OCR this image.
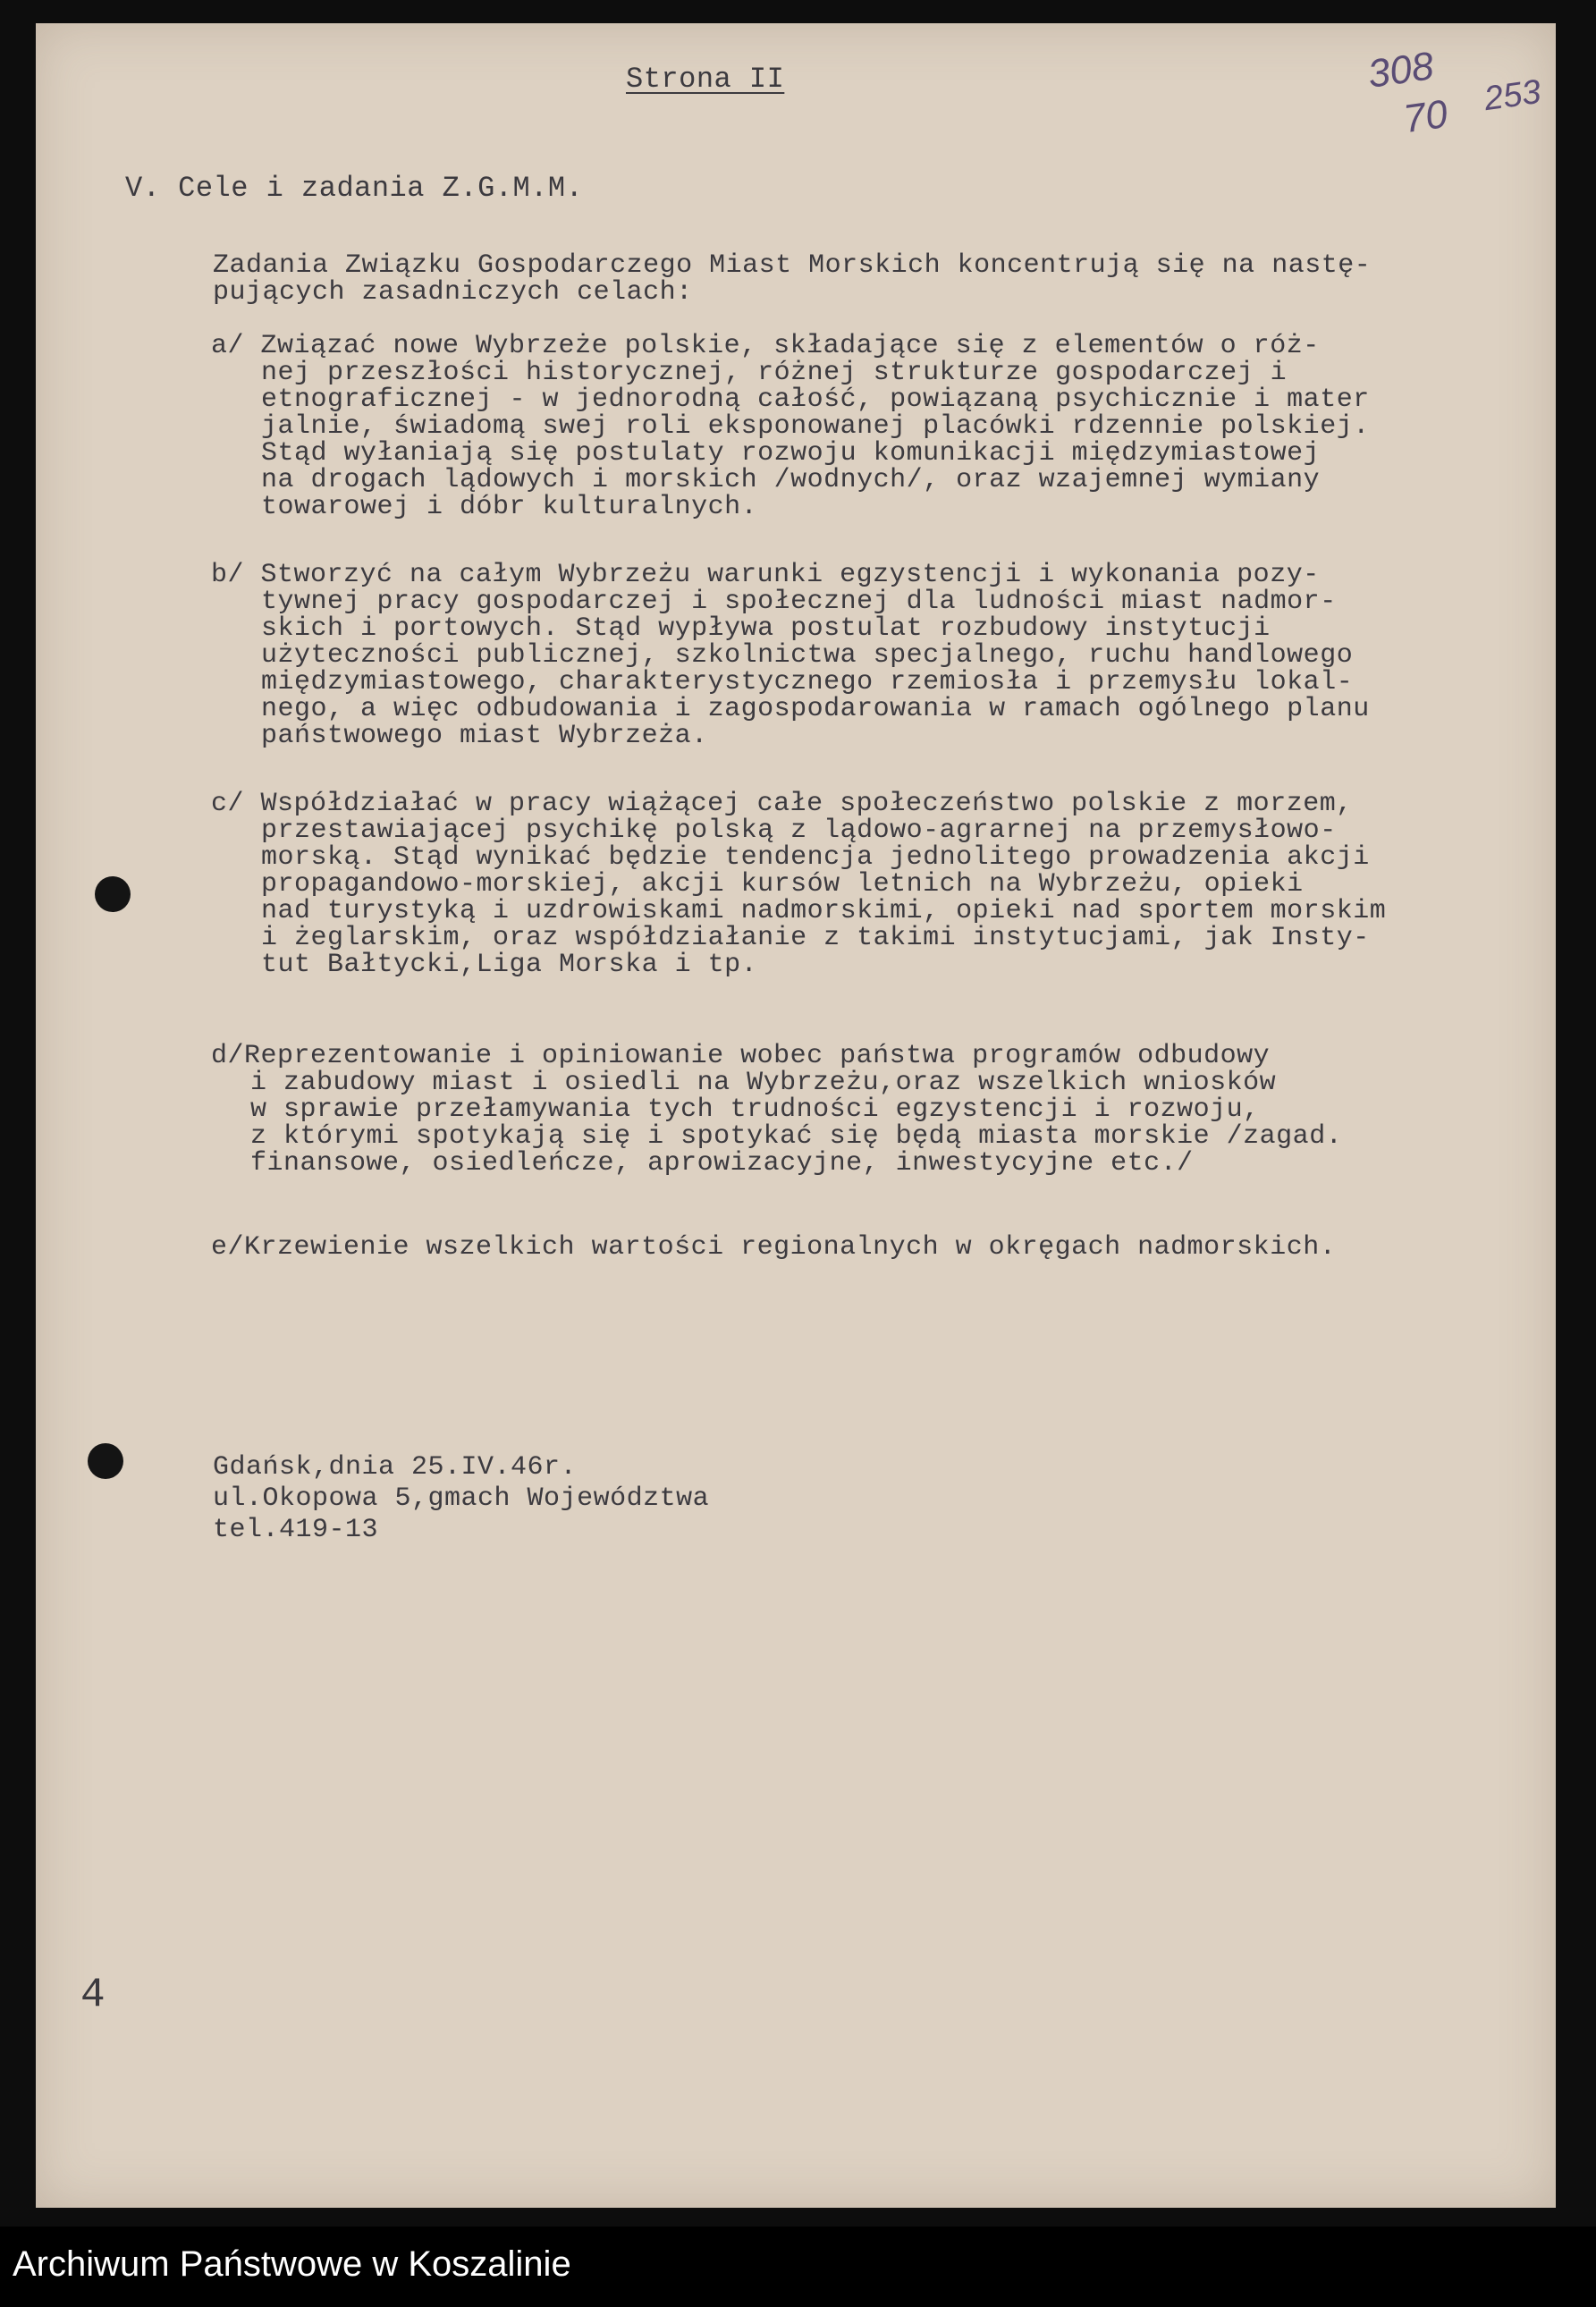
Strona II	308
70 253
V. Cele i zadania Z.G.M.M.
Zadania Związku Gospodarczego Miast Morskich koncentrują się na nastę-
pujących zasadniczych celach:
a/ Związać nowe Wybrzeże polskie, składające się z elementów o róż-
nej przeszłości historycznej, różnej strukturze gospodarczej i
etnograficznej - w jednorodną całość, powiązaną psychicznie i mater
jalnie, świadomą swej roli eksponowanej placówki rdzennie polskiej.
Stąd wyłaniają się postulaty rozwoju komunikacji międzymiastowej
na drogach lądowych i morskich /wodnych/, oraz wzajemnej wymiany
towarowej i dóbr kulturalnych.
b/ Stworzyć na całym Wybrzeżu warunki egzystencji i wykonania pozy-
tywnej pracy gospodarczej i społecznej dla ludności miast nadmor-
skich i portowych. Stąd wypływa postulat rozbudowy instytucji
użyteczności publicznej, szkolnictwa specjalnego, ruchu handlowego
międzymiastowego, charakterystycznego rzemiosła i przemysłu lokal-
nego, a więc odbudowania i zagospodarowania w ramach ogólnego planu
państwowego miast Wybrzeża.
c/ Współdziałać w pracy wiążącej całe społeczeństwo polskie z morzem,
przestawiającej psychikę polską z lądowo-agrarnej na przemysłowo-
morską. Stąd wynikać będzie tendencja jednolitego prowadzenia akcji
propagandowo-morskiej, akcji kursów letnich na Wybrzeżu, opieki
nad turystyką i uzdrowiskami nadmorskimi, opieki nad sportem morskim
i żeglarskim, oraz współdziałanie z takimi instytucjami, jak Insty-
tut Bałtycki,Liga Morska i tp.
d/Reprezentowanie i opiniowanie wobec państwa programów odbudowy
i zabudowy miast i osiedli na Wybrzeżu,oraz wszelkich wniosków
w sprawie przełamywania tych trudności egzystencji i rozwoju,
z którymi spotykają się i spotykać się będą miasta morskie /zagad.
finansowe, osiedleńcze, aprowizacyjne, inwestycyjne etc./
e/Krzewienie wszelkich wartości regionalnych w okręgach nadmorskich.
Gdańsk,dnia 25.IV.46r.
ul.Okopowa 5,gmach Województwa
tel.419-13
4
Archiwum Państwowe w Koszalinie
